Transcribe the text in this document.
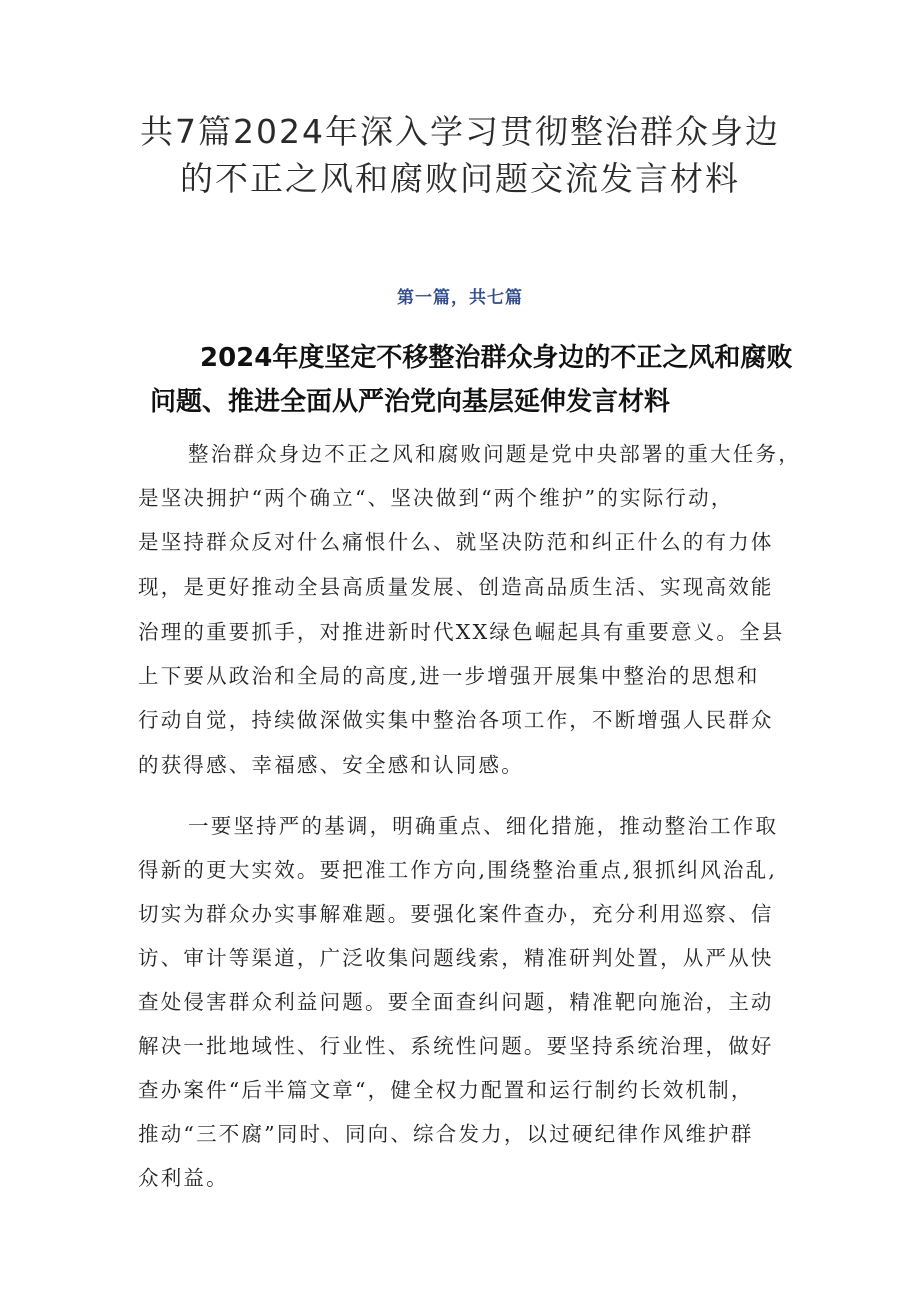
共7篇2024年深入学习贯彻整治群众身边
的不正之风和腐败问题交流发言材料
第一篇，共七篇
2024年度坚定不移整治群众身边的不正之风和腐败
问题、推进全面从严治党向基层延伸发言材料
整治群众身边不正之风和腐败问题是党中央部署的重大任务，
是坚决拥护“两个确立“、坚决做到“两个维护”的实际行动，
是坚持群众反对什么痛恨什么、就坚决防范和纠正什么的有力体
现，是更好推动全县高质量发展、创造高品质生活、实现高效能
治理的重要抓手，对推进新时代XX绿色崛起具有重要意义。全县
上下要从政治和全局的高度,进一步增强开展集中整治的思想和
行动自觉，持续做深做实集中整治各项工作，不断增强人民群众
的获得感、幸福感、安全感和认同感。
一要坚持严的基调，明确重点、细化措施，推动整治工作取
得新的更大实效。要把准工作方向,围绕整治重点,狠抓纠风治乱,
切实为群众办实事解难题。要强化案件查办，充分利用巡察、信
访、审计等渠道，广泛收集问题线索，精准研判处置，从严从快
查处侵害群众利益问题。要全面查纠问题，精准靶向施治，主动
解决一批地域性、行业性、系统性问题。要坚持系统治理，做好
查办案件“后半篇文章“，健全权力配置和运行制约长效机制，
推动“三不腐”同时、同向、综合发力，以过硬纪律作风维护群
众利益。
